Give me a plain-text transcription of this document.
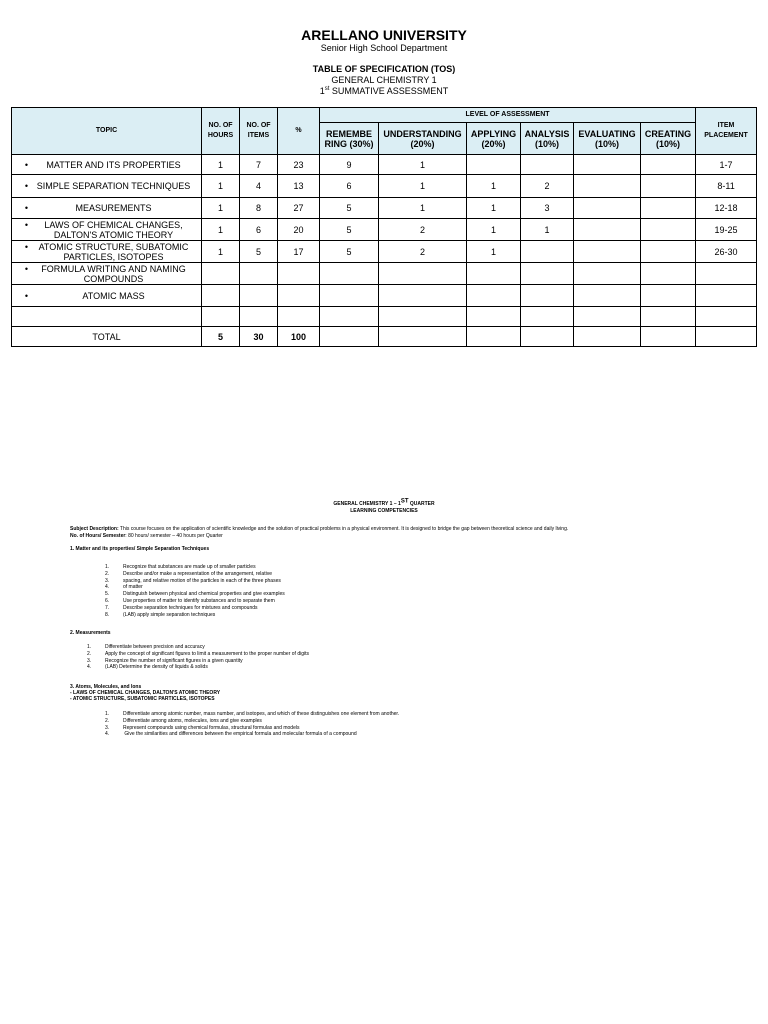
ARELLANO UNIVERSITY
Senior High School Department
TABLE OF SPECIFICATION (TOS)
GENERAL CHEMISTRY 1
1st SUMMATIVE ASSESSMENT
TOPIC	NO. OF HOURS	NO. OF ITEMS	%	LEVEL OF ASSESSMENT						ITEM PLACEMENT
				REMEMBE RING (30%)	UNDERSTANDING (20%)	APPLYING (20%)	ANALYSIS (10%)	EVALUATING (10%)	CREATING (10%)	
• MATTER AND ITS PROPERTIES	1	7	23	9	1					1-7
• SIMPLE SEPARATION TECHNIQUES	1	4	13	6	1	1	2			8-11
• MEASUREMENTS	1	8	27	5	1	1	3			12-18
• LAWS OF CHEMICAL CHANGES, DALTON'S ATOMIC THEORY	1	6	20	5	2	1	1			19-25
• ATOMIC STRUCTURE, SUBATOMIC PARTICLES, ISOTOPES	1	5	17	5	2	1				26-30
• FORMULA WRITING AND NAMING COMPOUNDS										
• ATOMIC MASS										

TOTAL	5	30	100							
GENERAL CHEMISTRY 1 – 1ST QUARTER
LEARNING COMPETENCIES
Subject Description: This course focuses on the application of scientific knowledge and the solution of practical problems in a physical environment. It is designed to bridge the gap between theoretical science and daily living.
No. of Hours/ Semester: 80 hours/ semester – 40 hours per Quarter
1. Matter and its properties/ Simple Separation Techniques
1.	Recognize that substances are made up of smaller particles
2.	Describe and/or make a representation of the arrangement, relative
3.	spacing, and relative motion of the particles in each of the three phases
4.	of matter
5.	Distinguish between physical and chemical properties and give examples
6.	Use properties of matter to identify substances and to separate them
7.	Describe separation techniques for mixtures and compounds
8.	(LAB) apply simple separation techniques
2. Measurements
1.	Differentiate between precision and accuracy
2.	Apply the concept of significant figures to limit a measurement to the proper number of digits
3.	Recognize the number of significant figures in a given quantity
4.	(LAB) Determine the density of liquids & solids
3. Atoms, Molecules, and Ions
- LAWS OF CHEMICAL CHANGES, DALTON'S ATOMIC THEORY
- ATOMIC STRUCTURE, SUBATOMIC PARTICLES, ISOTOPES
1.	Differentiate among atomic number, mass number, and isotopes, and which of these distinguishes one element from another.
2.	Differentiate among atoms, molecules, ions and give examples
3.	Represent compounds using chemical formulas, structural formulas and models
4.	Give the similarities and differences between the empirical formula and molecular formula of a compound
